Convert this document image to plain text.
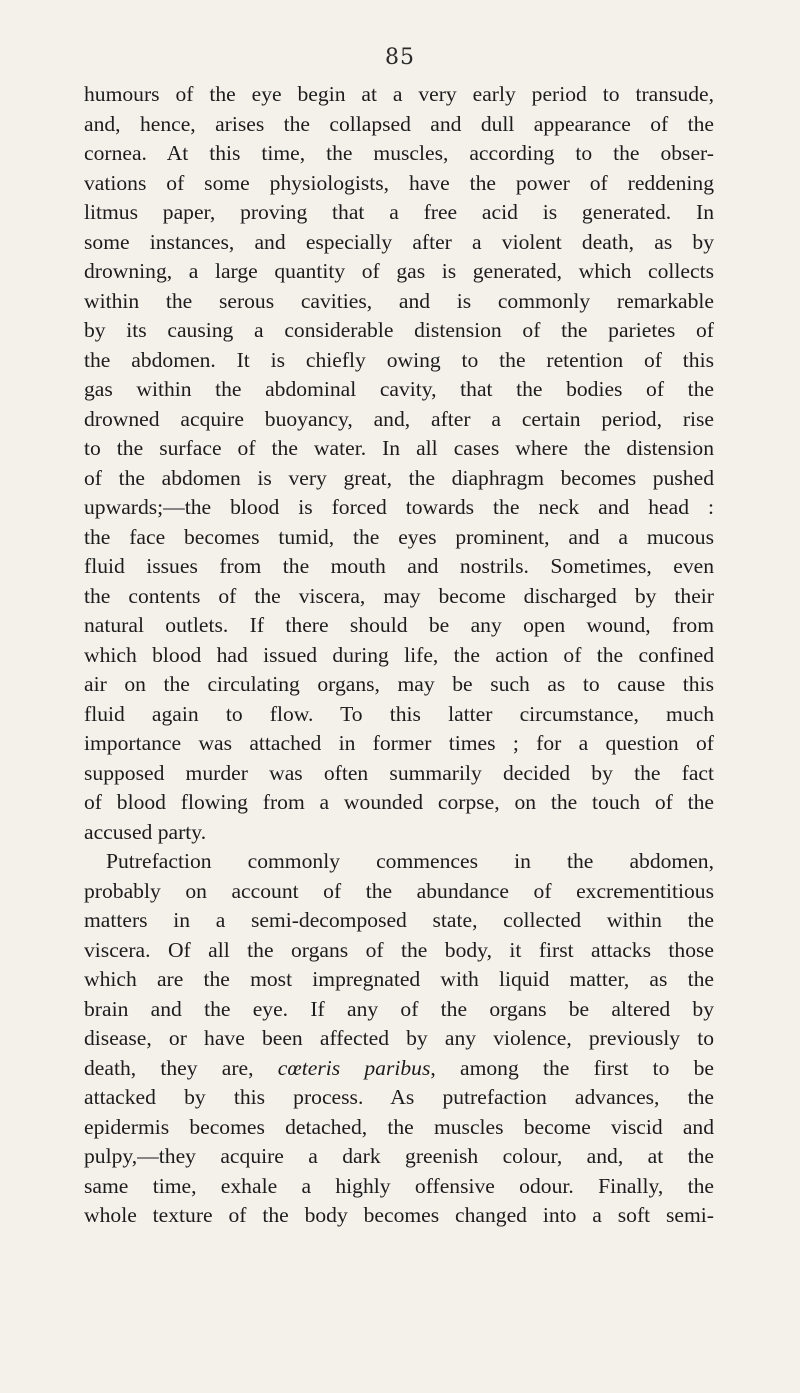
85
humours of the eye begin at a very early period to transude,
and, hence, arises the collapsed and dull appearance of the
cornea. At this time, the muscles, according to the obser-
vations of some physiologists, have the power of reddening
litmus paper, proving that a free acid is generated. In
some instances, and especially after a violent death, as by
drowning, a large quantity of gas is generated, which collects
within the serous cavities, and is commonly remarkable
by its causing a considerable distension of the parietes of
the abdomen. It is chiefly owing to the retention of this
gas within the abdominal cavity, that the bodies of the
drowned acquire buoyancy, and, after a certain period, rise
to the surface of the water. In all cases where the distension
of the abdomen is very great, the diaphragm becomes pushed
upwards;—the blood is forced towards the neck and head :
the face becomes tumid, the eyes prominent, and a mucous
fluid issues from the mouth and nostrils. Sometimes, even
the contents of the viscera, may become discharged by their
natural outlets. If there should be any open wound, from
which blood had issued during life, the action of the confined
air on the circulating organs, may be such as to cause this
fluid again to flow. To this latter circumstance, much
importance was attached in former times ; for a question of
supposed murder was often summarily decided by the fact
of blood flowing from a wounded corpse, on the touch of the
accused party.
Putrefaction commonly commences in the abdomen,
probably on account of the abundance of excrementitious
matters in a semi-decomposed state, collected within the
viscera. Of all the organs of the body, it first attacks those
which are the most impregnated with liquid matter, as the
brain and the eye. If any of the organs be altered by
disease, or have been affected by any violence, previously to
death, they are, cœteris paribus, among the first to be
attacked by this process. As putrefaction advances, the
epidermis becomes detached, the muscles become viscid and
pulpy,—they acquire a dark greenish colour, and, at the
same time, exhale a highly offensive odour. Finally, the
whole texture of the body becomes changed into a soft semi-
